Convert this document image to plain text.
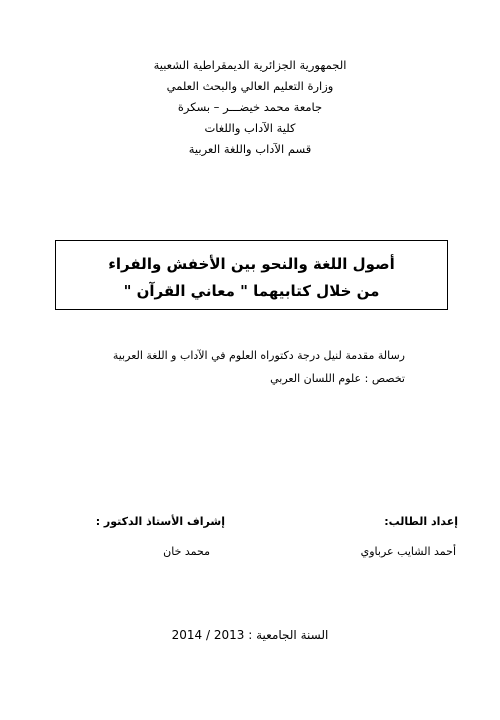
الجمهورية الجزائرية الديمقراطية الشعبية
وزارة التعليم العالي والبحث العلمي
جامعة محمد خيضـــر – بسكرة
كلية الآداب واللغات
قسم الآداب واللغة العربية
أصول اللغة والنحو بين الأخفش والفراء
من خلال كتابيهما " معاني القرآن "
رسالة مقدمة لنيل درجة دكتوراه العلوم في الآداب و اللغة العربية
تخصص : علوم اللسان العربي
إعداد الطالب:
أحمد الشايب عرباوي
إشراف الأستاذ الدكتور :
محمد خان
السنة الجامعية : 2013 / 2014
